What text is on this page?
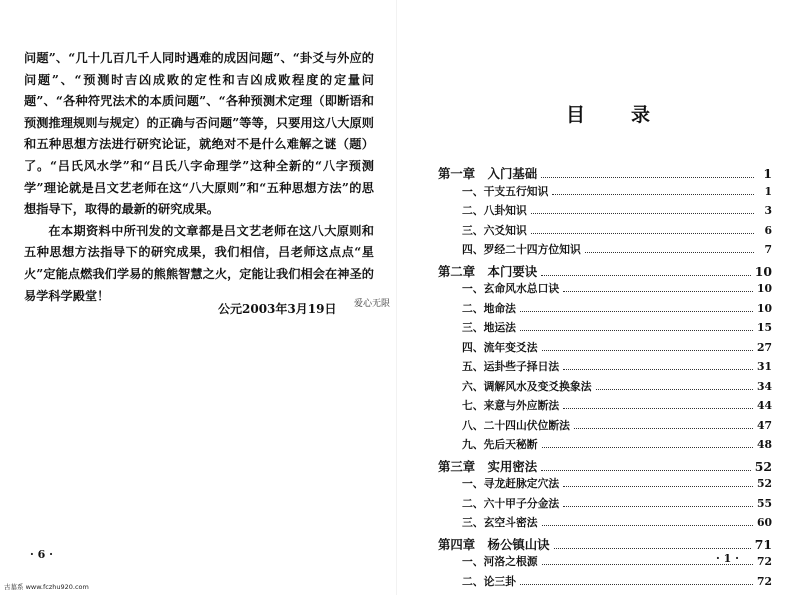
问题”、“几十几百几千人同时遇难的成因问题”、“卦爻与外应的问题”、“预测时吉凶成败的定性和吉凶成败程度的定量问题”、“各种符咒法术的本质问题”、“各种预测术定理（即断语和预测推理规则与规定）的正确与否问题”等等，只要用这八大原则和五种思想方法进行研究论证，就绝对不是什么难解之谜（题）了。“吕氏风水学”和“吕氏八字命理学”这种全新的“八字预测学”理论就是吕文艺老师在这“八大原则”和“五种思想方法”的思想指导下，取得的最新的研究成果。

在本期资料中所刊发的文章都是吕文艺老师在这八大原则和五种思想方法指导下的研究成果，我们相信，吕老师这点点“星火”定能点燃我们学易的熊熊智慧之火，定能让我们相会在神圣的易学科学殿堂！

公元2003年3月19日 爱心无限
· 6 ·
古墓系 www.fczhu920.com
目录
第一章　入门基础	1
一、干支五行知识	1
二、八卦知识	3
三、六爻知识	6
四、罗经二十四方位知识	7
第二章　本门要诀	10
一、玄命风水总口诀	10
二、地命法	10
三、地运法	15
四、流年变爻法	27
五、运卦些子择日法	31
六、调解风水及变爻换象法	34
七、来意与外应断法	44
八、二十四山伏位断法	47
九、先后天秘断	48
第三章　实用密法	52
一、寻龙赶脉定穴法	52
二、六十甲子分金法	55
三、玄空斗密法	60
第四章　杨公镇山诀	71
一、河洛之根源	72
二、论三卦	72
· 1 ·
